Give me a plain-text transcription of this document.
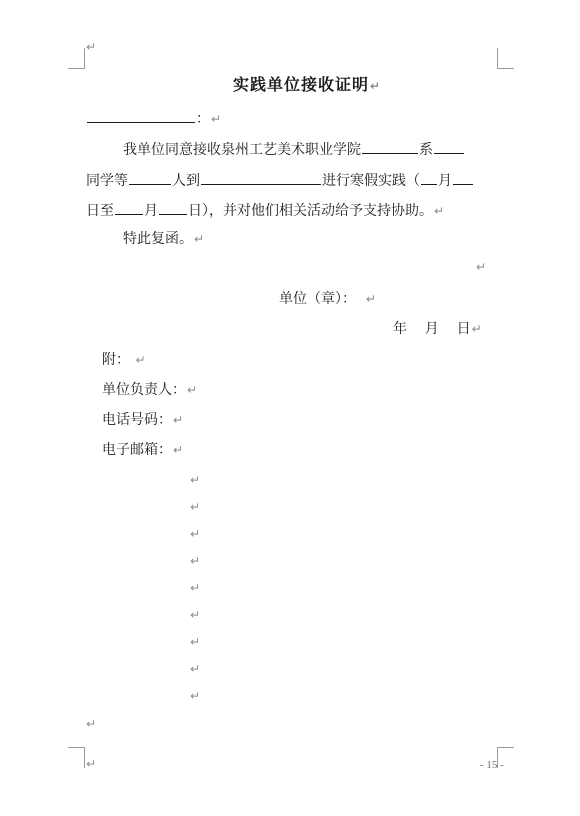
↵
实践单位接收证明↵
：↵
我单位同意接收泉州工艺美术职业学院	系
同学等	人到	进行寒假实践（ 月
日至 月 日），并对他们相关活动给予支持协助。↵
特此复函。↵
↵
单位（章）： ↵
年    月    日↵
附： ↵
单位负责人：↵
电话号码：↵
电子邮箱：↵
↵
↵
↵
↵
↵
↵
↵
↵
↵
↵
↵	- 15 -
